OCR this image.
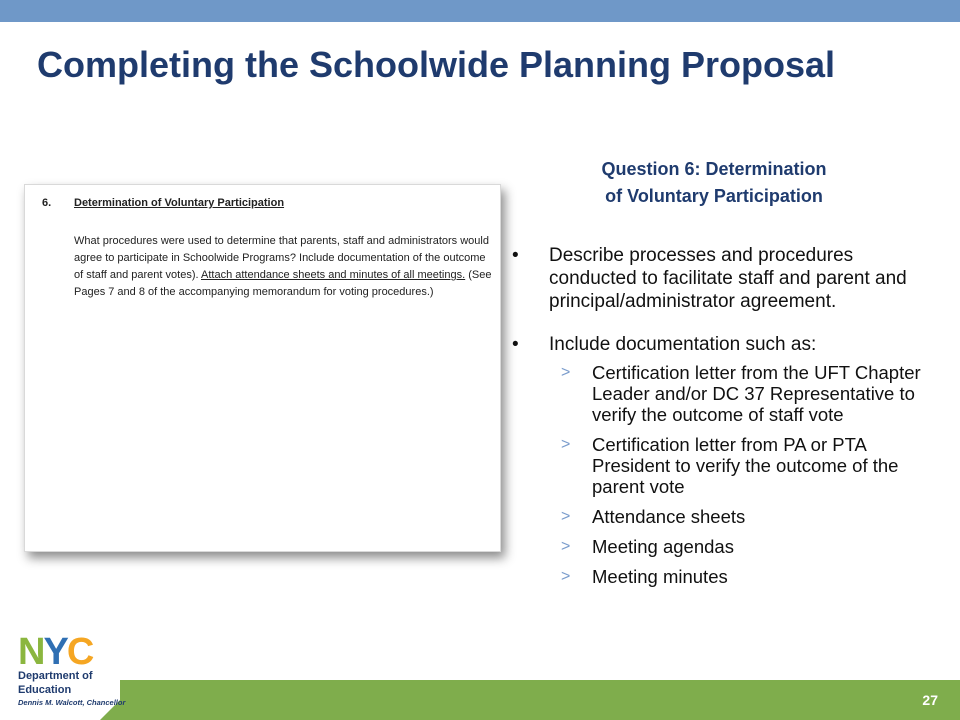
Completing the Schoolwide Planning Proposal
6. Determination of Voluntary Participation
What procedures were used to determine that parents, staff and administrators would agree to participate in Schoolwide Programs? Include documentation of the outcome of staff and parent votes). Attach attendance sheets and minutes of all meetings. (See Pages 7 and 8 of the accompanying memorandum for voting procedures.)
Question 6: Determination
of Voluntary Participation
• Describe processes and procedures conducted to facilitate staff and parent and principal/administrator agreement.
• Include documentation such as:
> Certification letter from the UFT Chapter Leader and/or DC 37 Representative to verify the outcome of staff vote
> Certification letter from PA or PTA President to verify the outcome of the parent vote
> Attendance sheets
> Meeting agendas
> Meeting minutes
27
NYC
Department of
Education
Dennis M. Walcott, Chancellor
